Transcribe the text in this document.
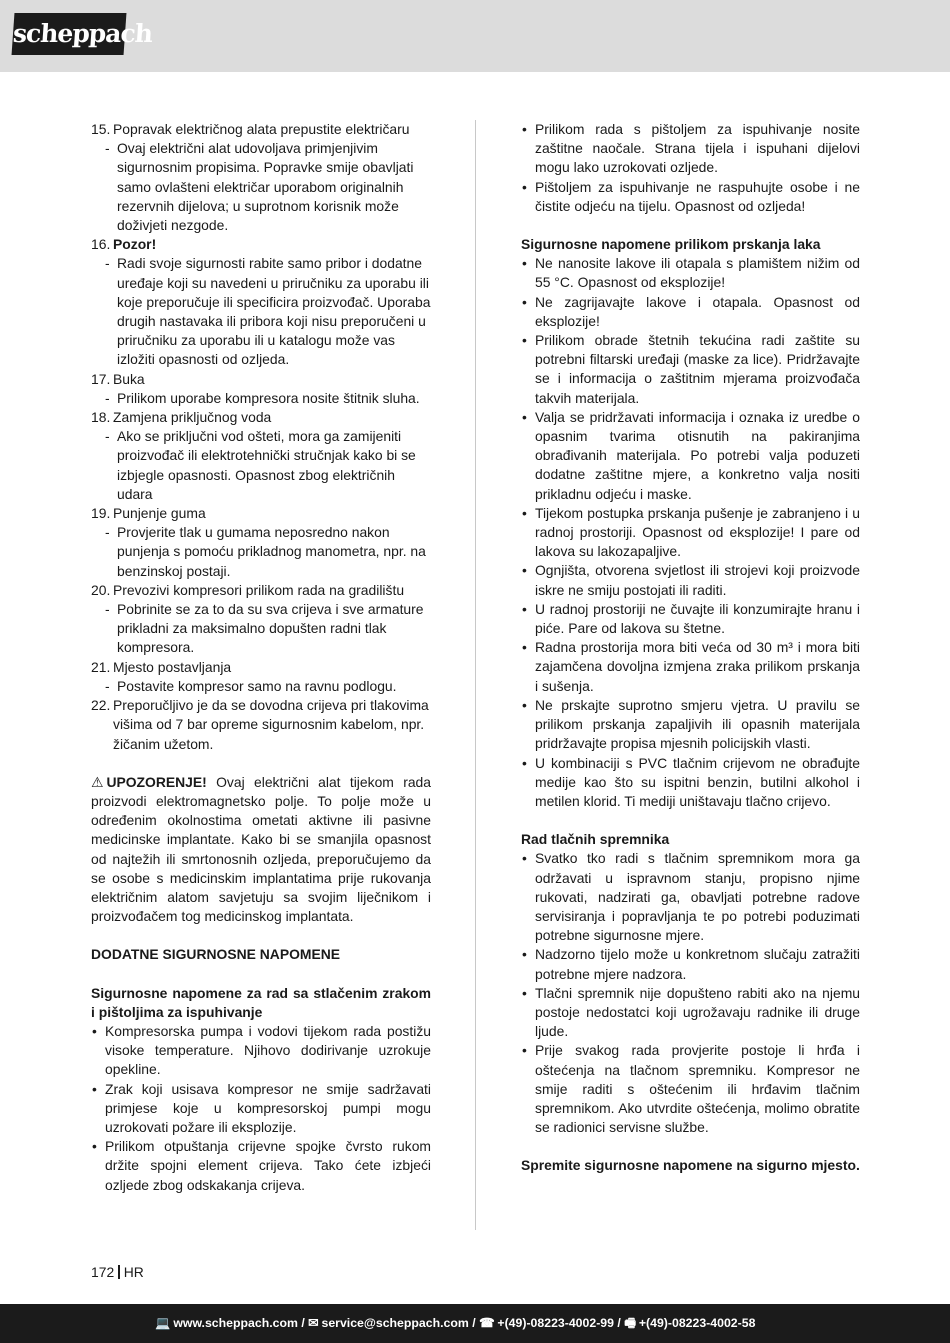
scheppach
15. Popravak električnog alata prepustite električaru
- Ovaj električni alat udovoljava primjenjivim sigurnosnim propisima. Popravke smije obavljati samo ovlašteni električar uporabom originalnih rezervnih dijelova; u suprotnom korisnik može doživjeti nezgode.
16. Pozor!
- Radi svoje sigurnosti rabite samo pribor i dodatne uređaje koji su navedeni u priručniku za uporabu ili koje preporučuje ili specificira proizvođač. Uporaba drugih nastavaka ili pribora koji nisu preporučeni u priručniku za uporabu ili u katalogu može vas izložiti opasnosti od ozljeda.
17. Buka
- Prilikom uporabe kompresora nosite štitnik sluha.
18. Zamjena priključnog voda
- Ako se priključni vod ošteti, mora ga zamijeniti proizvođač ili elektrotehnički stručnjak kako bi se izbjegle opasnosti. Opasnost zbog električnih udara
19. Punjenje guma
- Provjerite tlak u gumama neposredno nakon punjenja s pomoću prikladnog manometra, npr. na benzinskoj postaji.
20. Prevozivi kompresori prilikom rada na gradilištu
- Pobrinite se za to da su sva crijeva i sve armature prikladni za maksimalno dopušten radni tlak kompresora.
21. Mjesto postavljanja
- Postavite kompresor samo na ravnu podlogu.
22. Preporučljivo je da se dovodna crijeva pri tlakovima višima od 7 bar opreme sigurnosnim kabelom, npr. žičanim užetom.
⚠ UPOZORENJE! Ovaj električni alat tijekom rada proizvodi elektromagnetsko polje. To polje može u određenim okolnostima ometati aktivne ili pasivne medicinske implantate. Kako bi se smanjila opasnost od najtežih ili smrtonosnih ozljeda, preporučujemo da se osobe s medicinskim implantatima prije rukovanja električnim alatom savjetuju sa svojim liječnikom i proizvođačem tog medicinskog implantata.
DODATNE SIGURNOSNE NAPOMENE
Sigurnosne napomene za rad sa stlačenim zrakom i pištoljima za ispuhivanje
• Kompresorska pumpa i vodovi tijekom rada postižu visoke temperature. Njihovo dodirivanje uzrokuje opekline.
• Zrak koji usisava kompresor ne smije sadržavati primjese koje u kompresorskoj pumpi mogu uzrokovati požare ili eksplozije.
• Prilikom otpuštanja crijevne spojke čvrsto rukom držite spojni element crijeva. Tako ćete izbjeći ozljede zbog odskakanja crijeva.
• Prilikom rada s pištoljem za ispuhivanje nosite zaštitne naočale. Strana tijela i ispuhani dijelovi mogu lako uzrokovati ozljede.
• Pištoljem za ispuhivanje ne raspuhujte osobe i ne čistite odjeću na tijelu. Opasnost od ozljeda!
Sigurnosne napomene prilikom prskanja laka
• Ne nanosite lakove ili otapala s plamištem nižim od 55 °C. Opasnost od eksplozije!
• Ne zagrijavajte lakove i otapala. Opasnost od eksplozije!
• Prilikom obrade štetnih tekućina radi zaštite su potrebni filtarski uređaji (maske za lice). Pridržavajte se i informacija o zaštitnim mjerama proizvođača takvih materijala.
• Valja se pridržavati informacija i oznaka iz uredbe o opasnim tvarima otisnutih na pakiranjima obrađivanih materijala. Po potrebi valja poduzeti dodatne zaštitne mjere, a konkretno valja nositi prikladnu odjeću i maske.
• Tijekom postupka prskanja pušenje je zabranjeno i u radnoj prostoriji. Opasnost od eksplozije! I pare od lakova su lakozapaljive.
• Ognjišta, otvorena svjetlost ili strojevi koji proizvode iskre ne smiju postojati ili raditi.
• U radnoj prostoriji ne čuvajte ili konzumirajte hranu i piće. Pare od lakova su štetne.
• Radna prostorija mora biti veća od 30 m³ i mora biti zajamčena dovoljna izmjena zraka prilikom prskanja i sušenja.
• Ne prskajte suprotno smjeru vjetra. U pravilu se prilikom prskanja zapaljivih ili opasnih materijala pridržavajte propisa mjesnih policijskih vlasti.
• U kombinaciji s PVC tlačnim crijevom ne obrađujte medije kao što su ispitni benzin, butilni alkohol i metilen klorid. Ti mediji uništavaju tlačno crijevo.
Rad tlačnih spremnika
• Svatko tko radi s tlačnim spremnikom mora ga održavati u ispravnom stanju, propisno njime rukovati, nadzirati ga, obavljati potrebne radove servisiranja i popravljanja te po potrebi poduzimati potrebne sigurnosne mjere.
• Nadzorno tijelo može u konkretnom slučaju zatražiti potrebne mjere nadzora.
• Tlačni spremnik nije dopušteno rabiti ako na njemu postoje nedostatci koji ugrožavaju radnike ili druge ljude.
• Prije svakog rada provjerite postoje li hrđa i oštećenja na tlačnom spremniku. Kompresor ne smije raditi s oštećenim ili hrđavim tlačnim spremnikom. Ako utvrdite oštećenja, molimo obratite se radionici servisne službe.
Spremite sigurnosne napomene na sigurno mjesto.
172 HR
💻 www.scheppach.com / ✉ service@scheppach.com / ☎ +(49)-08223-4002-99 / 🖷 +(49)-08223-4002-58
